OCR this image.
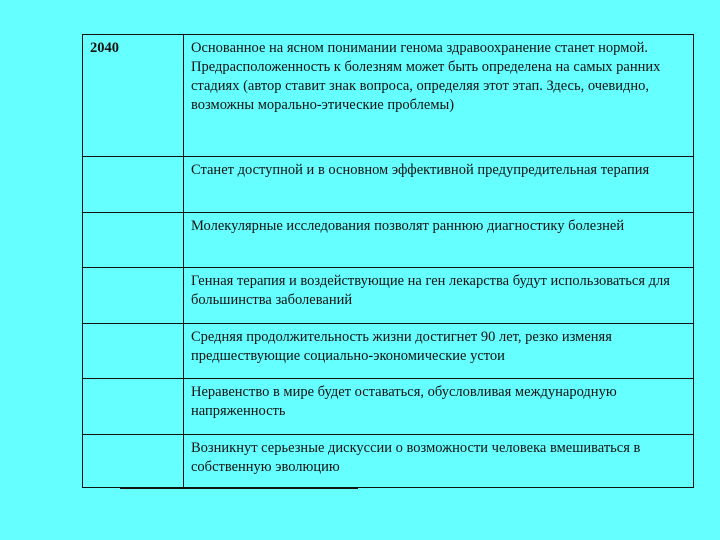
2040	Основанное на ясном понимании генома здравоохранение станет нормой. Предрасположенность к болезням может быть определена на самых ранних стадиях (автор ставит знак вопроса, определяя этот этап. Здесь, очевидно, возможны морально-этические проблемы)
Станет доступной и в основном эффективной предупредительная терапия
Молекулярные исследования позволят раннюю диагностику болезней
Генная терапия и воздействующие на ген лекарства будут использоваться для большинства заболеваний
Средняя продолжительность жизни достигнет 90 лет, резко изменяя предшествующие социально-экономические устои
Неравенство в мире будет оставаться, обусловливая международную напряженность
Возникнут серьезные дискуссии о возможности человека вмешиваться в собственную эволюцию
